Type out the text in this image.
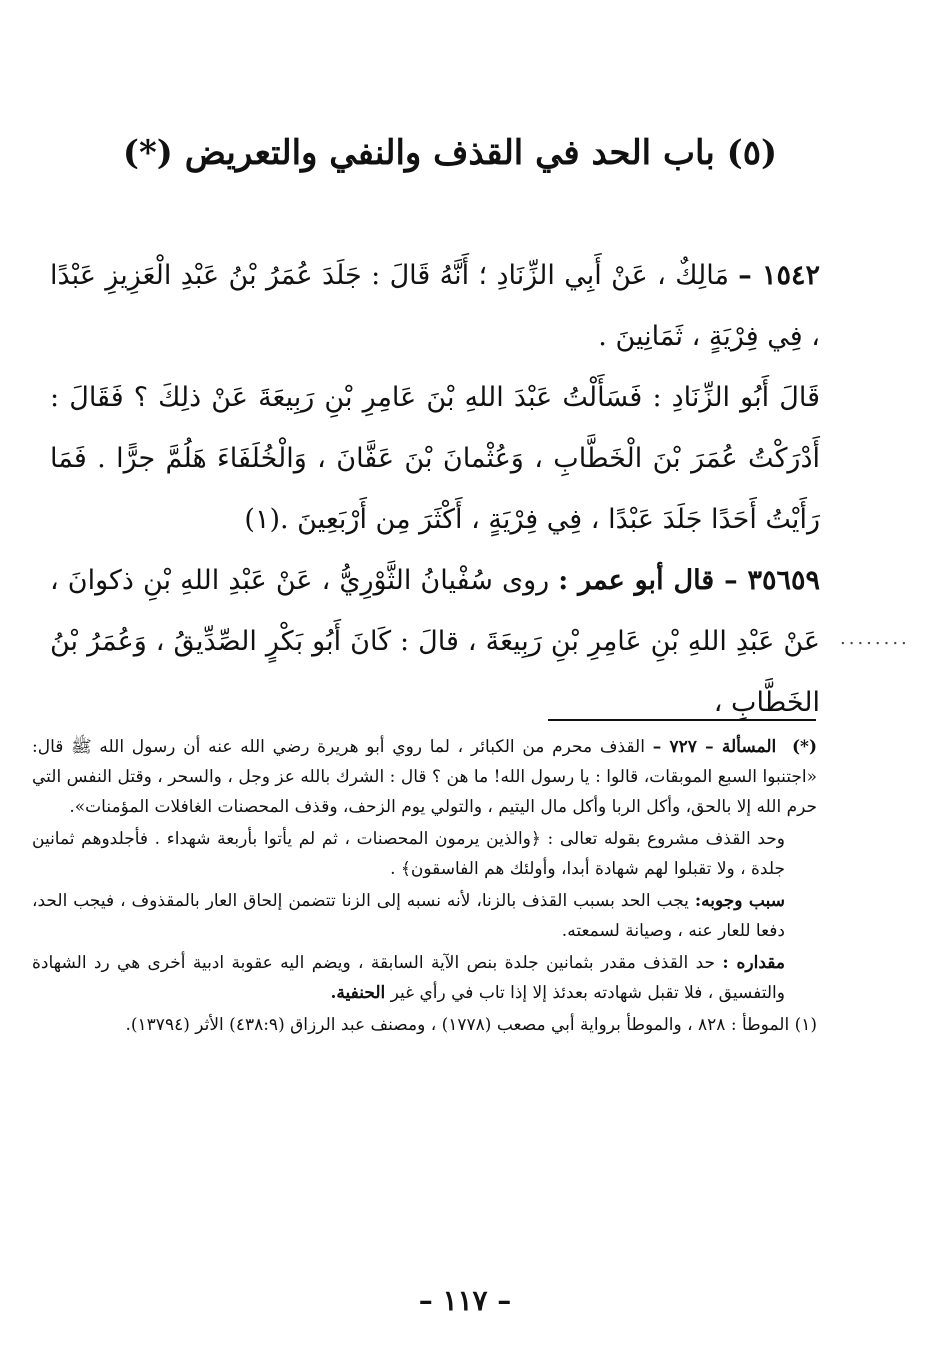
(٥) باب الحد في القذف والنفي والتعريض (*)

١٥٤٢ – مَالِكٌ ، عَنْ أَبِي الزِّنَادِ ؛ أَنَّهُ قَالَ : جَلَدَ عُمَرُ بْنُ عَبْدِ الْعَزِيزِ عَبْدًا ، فِي فِرْيَةٍ ، ثَمَانِينَ .

قَالَ أَبُو الزِّنَادِ : فَسَأَلْتُ عَبْدَ اللهِ بْنَ عَامِرِ بْنِ رَبِيعَةَ عَنْ ذلِكَ ؟ فَقَالَ : أَدْرَكْتُ عُمَرَ بْنَ الْخَطَّابِ ، وَعُثْمانَ بْنَ عَفَّانَ ، وَالْخُلَفَاءَ هَلُمَّ جرًّا . فَمَا رَأَيْتُ أَحَدًا جَلَدَ عَبْدًا ، فِي فِرْيَةٍ ، أَكْثَرَ مِن أَرْبَعِينَ .(١)

٣٥٦٥٩ – قال أبو عمر : روى سُفْيانُ الثَّوْرِيُّ ، عَنْ عَبْدِ اللهِ بْنِ ذكوانَ ، عَنْ عَبْدِ اللهِ بْنِ عَامِرِ بْنِ رَبِيعَةَ ، قالَ : كَانَ أَبُو بَكْرٍ الصِّدِّيقُ ، وَعُمَرُ بْنُ الخَطَّابِ ،

........

(*) المسألة – ٧٢٧ – القذف محرم من الكبائر ، لما روي أبو هريرة رضي الله عنه أن رسول الله ﷺ قال: «اجتنبوا السبع الموبقات، قالوا : يا رسول الله! ما هن ؟ قال : الشرك بالله عز وجل ، والسحر ، وقتل النفس التي حرم الله إلا بالحق، وأكل الربا وأكل مال اليتيم ، والتولي يوم الزحف، وقذف المحصنات الغافلات المؤمنات».

وحد القذف مشروع بقوله تعالى : ﴿والذين يرمون المحصنات ، ثم لم يأتوا بأربعة شهداء . فأجلدوهم ثمانين جلدة ، ولا تقبلوا لهم شهادة أبدا، وأولئك هم الفاسقون﴾ .

سبب وجوبه: يجب الحد بسبب القذف بالزنا، لأنه نسبه إلى الزنا تتضمن إلحاق العار بالمقذوف ، فيجب الحد، دفعا للعار عنه ، وصيانة لسمعته.

مقداره : حد القذف مقدر بثمانين جلدة بنص الآية السابقة ، ويضم اليه عقوبة ادبية أخرى هي رد الشهادة والتفسيق ، فلا تقبل شهادته بعدئذ إلا إذا تاب في رأي غير الحنفية.

(١) الموطأ : ٨٢٨ ، والموطأ برواية أبي مصعب (١٧٧٨) ، ومصنف عبد الرزاق (٤٣٨:٩) الأثر (١٣٧٩٤).

– ١١٧ –
